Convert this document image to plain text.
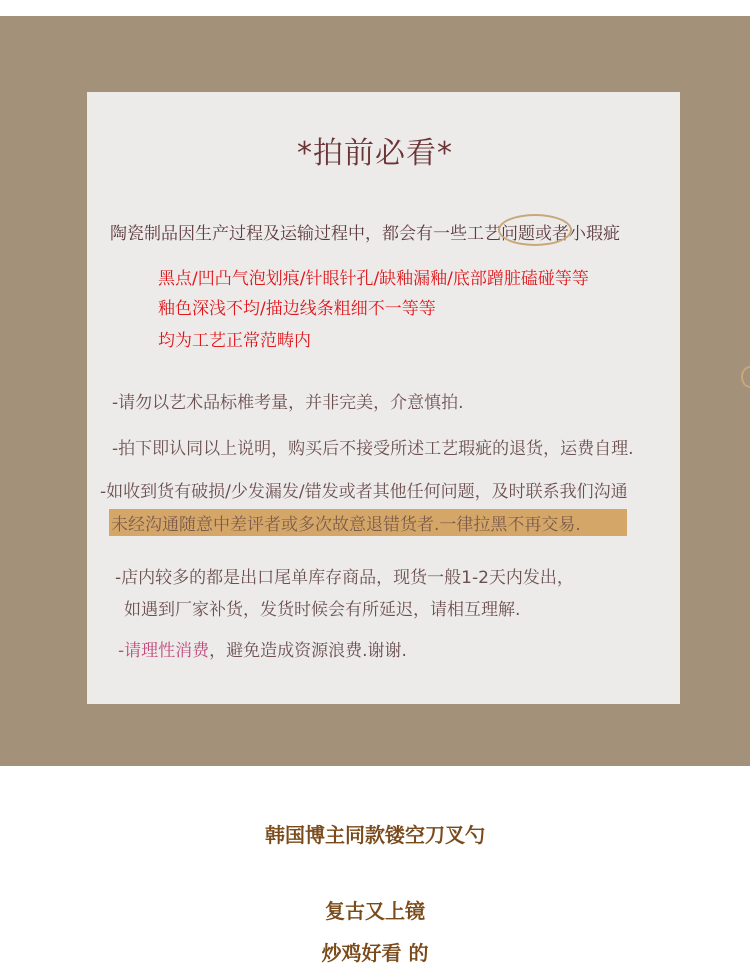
*拍前必看*
陶瓷制品因生产过程及运输过程中，都会有一些工艺问题或者小瑕疵
黑点/凹凸气泡划痕/针眼针孔/缺釉漏釉/底部蹭脏磕碰等等
釉色深浅不均/描边线条粗细不一等等
均为工艺正常范畴内
-请勿以艺术品标椎考量，并非完美，介意慎拍.
-拍下即认同以上说明，购买后不接受所述工艺瑕疵的退货，运费自理.
-如收到货有破损/少发漏发/错发或者其他任何问题，及时联系我们沟通
未经沟通随意中差评者或多次故意退错货者.一律拉黑不再交易.
-店内较多的都是出口尾单库存商品，现货一般1-2天内发出，
如遇到厂家补货，发货时候会有所延迟，请相互理解.
-请理性消费，避免造成资源浪费.谢谢.
韩国博主同款镂空刀叉勺
复古又上镜
炒鸡好看 的
